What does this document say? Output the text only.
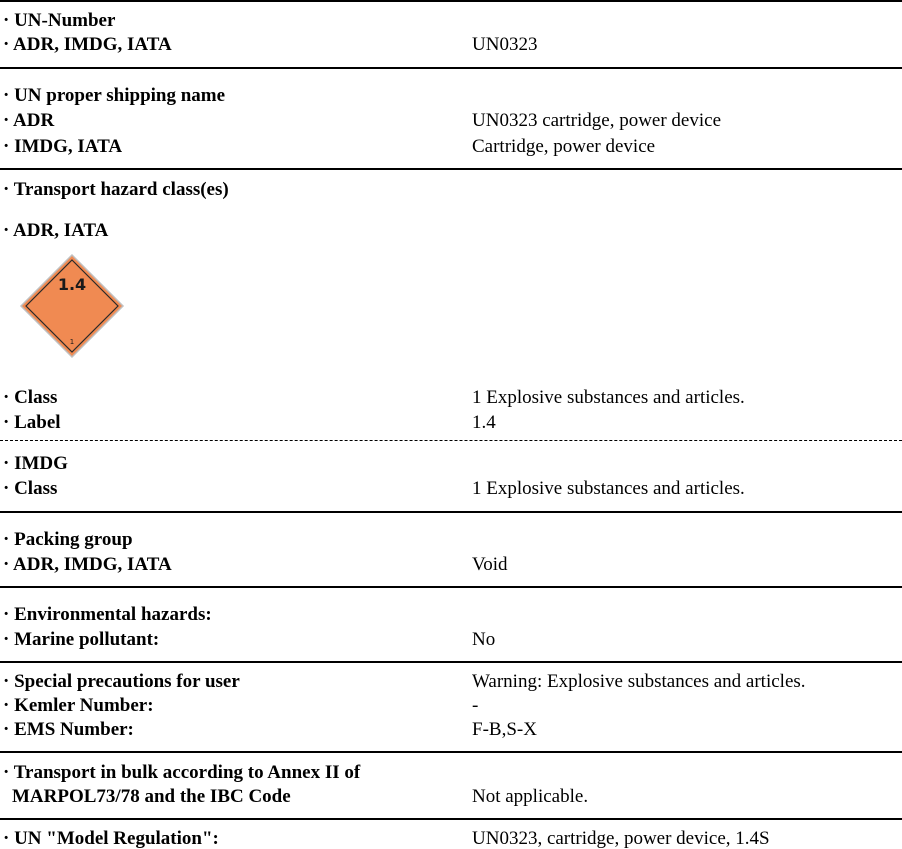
· UN-Number
· ADR, IMDG, IATA	UN0323
· UN proper shipping name
· ADR	UN0323 cartridge, power device
· IMDG, IATA	Cartridge, power device
· Transport hazard class(es)
· ADR, IATA
1.4
1
· Class	1 Explosive substances and articles.
· Label	1.4
· IMDG
· Class	1 Explosive substances and articles.
· Packing group
· ADR, IMDG, IATA	Void
· Environmental hazards:
· Marine pollutant:	No
· Special precautions for user	Warning: Explosive substances and articles.
· Kemler Number:	-
· EMS Number:	F-B,S-X
· Transport in bulk according to Annex II of
MARPOL73/78 and the IBC Code	Not applicable.
· UN "Model Regulation":	UN0323, cartridge, power device, 1.4S
